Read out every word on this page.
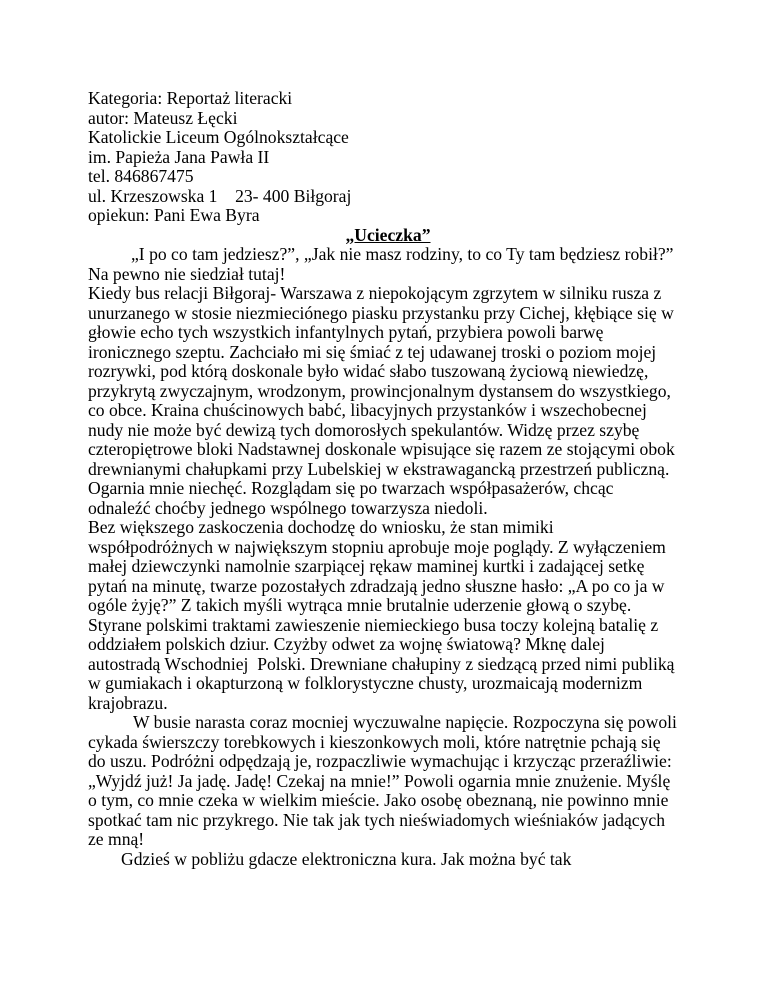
Kategoria: Reportaż literacki
autor: Mateusz Łęcki
Katolickie Liceum Ogólnokształcące
im. Papieża Jana Pawła II
tel. 846867475
ul. Krzeszowska 1    23- 400 Biłgoraj
opiekun: Pani Ewa Byra
„Ucieczka”
„I po co tam jedziesz?”, „Jak nie masz rodziny, to co Ty tam będziesz robił?”
Na pewno nie siedział tutaj!
Kiedy bus relacji Biłgoraj- Warszawa z niepokojącym zgrzytem w silniku rusza z
unurzanego w stosie niezmieciónego piasku przystanku przy Cichej, kłębiące się w
głowie echo tych wszystkich infantylnych pytań, przybiera powoli barwę
ironicznego szeptu. Zachciało mi się śmiać z tej udawanej troski o poziom mojej
rozrywki, pod którą doskonale było widać słabo tuszowaną życiową niewiedzę,
przykrytą zwyczajnym, wrodzonym, prowincjonalnym dystansem do wszystkiego,
co obce. Kraina chuścinowych babć, libacyjnych przystanków i wszechobecnej
nudy nie może być dewizą tych domorosłych spekulantów. Widzę przez szybę
czteropiętrowe bloki Nadstawnej doskonale wpisujące się razem ze stojącymi obok
drewnianymi chałupkami przy Lubelskiej w ekstrawagancką przestrzeń publiczną.
Ogarnia mnie niechęć. Rozglądam się po twarzach współpasażerów, chcąc
odnaleźć choćby jednego wspólnego towarzysza niedoli.
Bez większego zaskoczenia dochodzę do wniosku, że stan mimiki
współpodróżnych w największym stopniu aprobuje moje poglądy. Z wyłączeniem
małej dziewczynki namolnie szarpiącej rękaw maminej kurtki i zadającej setkę
pytań na minutę, twarze pozostałych zdradzają jedno słuszne hasło: „A po co ja w
ogóle żyję?” Z takich myśli wytrąca mnie brutalnie uderzenie głową o szybę.
Styrane polskimi traktami zawieszenie niemieckiego busa toczy kolejną batalię z
oddziałem polskich dziur. Czyżby odwet za wojnę światową? Mknę dalej
autostradą Wschodniej  Polski. Drewniane chałupiny z siedzącą przed nimi publiką
w gumiakach i okapturzoną w folklorystyczne chusty, urozmaicają modernizm
krajobrazu.
W busie narasta coraz mocniej wyczuwalne napięcie. Rozpoczyna się powoli
cykada świerszczy torebkowych i kieszonkowych moli, które natrętnie pchają się
do uszu. Podróżni odpędzają je, rozpaczliwie wymachując i krzycząc przeraźliwie:
„Wyjdź już! Ja jadę. Jadę! Czekaj na mnie!” Powoli ogarnia mnie znużenie. Myślę
o tym, co mnie czeka w wielkim mieście. Jako osobę obeznaną, nie powinno mnie
spotkać tam nic przykrego. Nie tak jak tych nieświadomych wieśniaków jadących
ze mną!
Gdzieś w pobliżu gdacze elektroniczna kura. Jak można być tak
